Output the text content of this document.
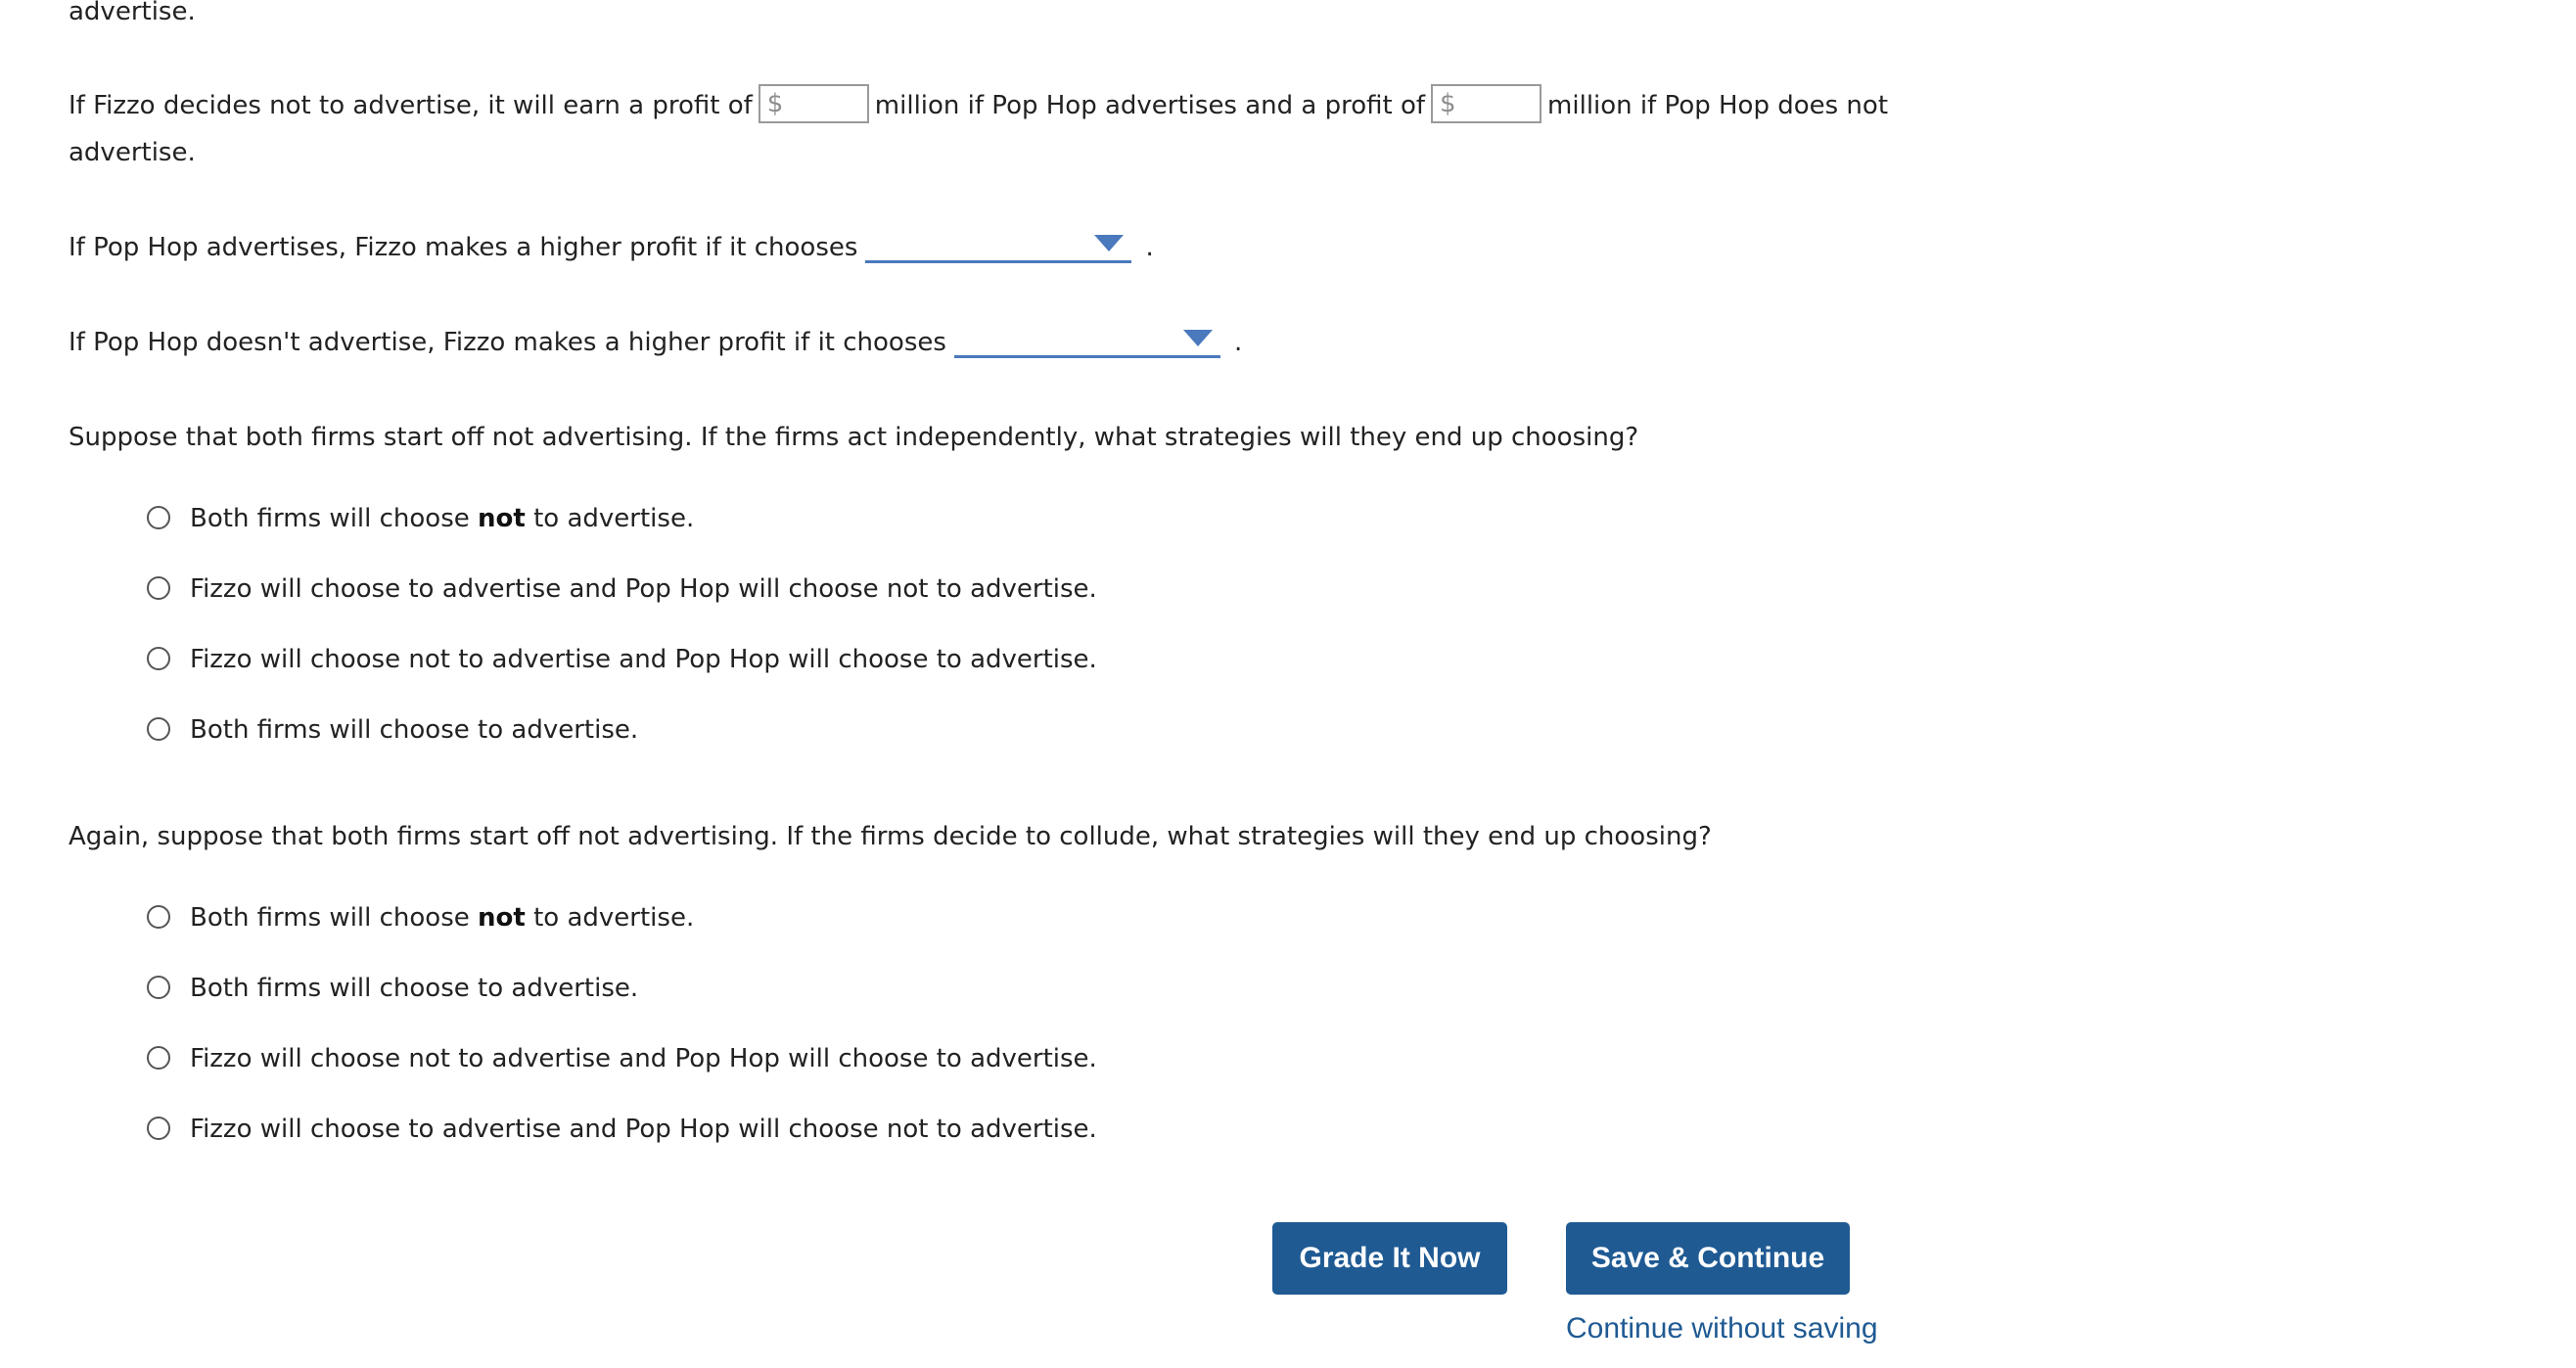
advertise.
If Fizzo decides not to advertise, it will earn a profit of $	million if Pop Hop advertises and a profit of $	million if Pop Hop does not
advertise.
If Pop Hop advertises, Fizzo makes a higher profit if it chooses	.
If Pop Hop doesn't advertise, Fizzo makes a higher profit if it chooses	.
Suppose that both firms start off not advertising. If the firms act independently, what strategies will they end up choosing?
Both firms will choose not to advertise.
Fizzo will choose to advertise and Pop Hop will choose not to advertise.
Fizzo will choose not to advertise and Pop Hop will choose to advertise.
Both firms will choose to advertise.
Again, suppose that both firms start off not advertising. If the firms decide to collude, what strategies will they end up choosing?
Both firms will choose not to advertise.
Both firms will choose to advertise.
Fizzo will choose not to advertise and Pop Hop will choose to advertise.
Fizzo will choose to advertise and Pop Hop will choose not to advertise.
Grade It Now	Save & Continue
Continue without saving
